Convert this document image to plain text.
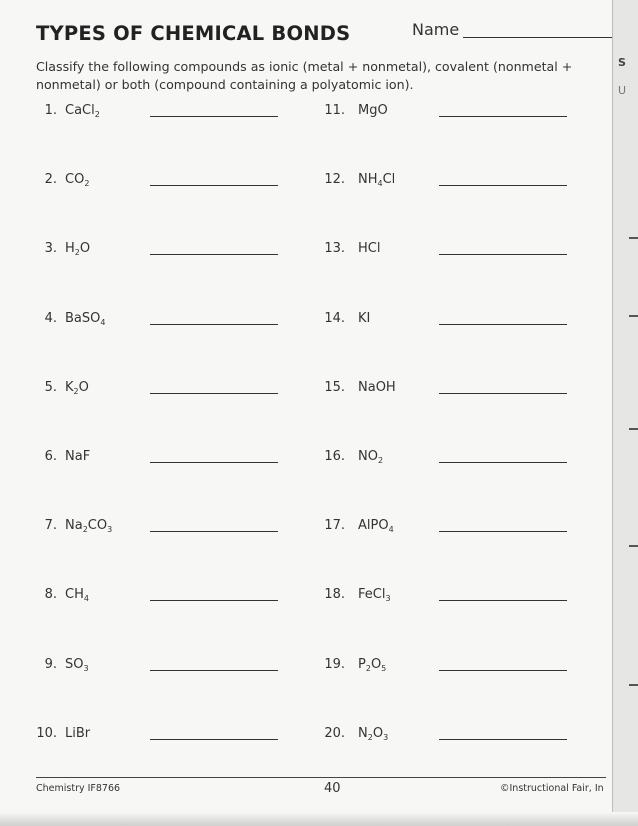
TYPES OF CHEMICAL BONDS	Name
Classify the following compounds as ionic (metal + nonmetal), covalent (nonmetal + nonmetal) or both (compound containing a polyatomic ion).
1. CaCl$_2$
2. $CO_2$
3. $H_2O$
4. BaSO$_4$
5. $K_2O$
6. NaF
7. $Na_2CO_3$
8. $CH_4$
9. $SO_3$
10. LiBr
11. MgO
12. $NH_4Cl$
13. HCl
14. KI
15. NaOH
16. $NO_2$
17. AlPO$_4$
18. FeCl$_3$
19. $P_2O_5$
20. $N_2O_3$
Chemistry IF8766	40	©Instructional Fair, In
S
U
